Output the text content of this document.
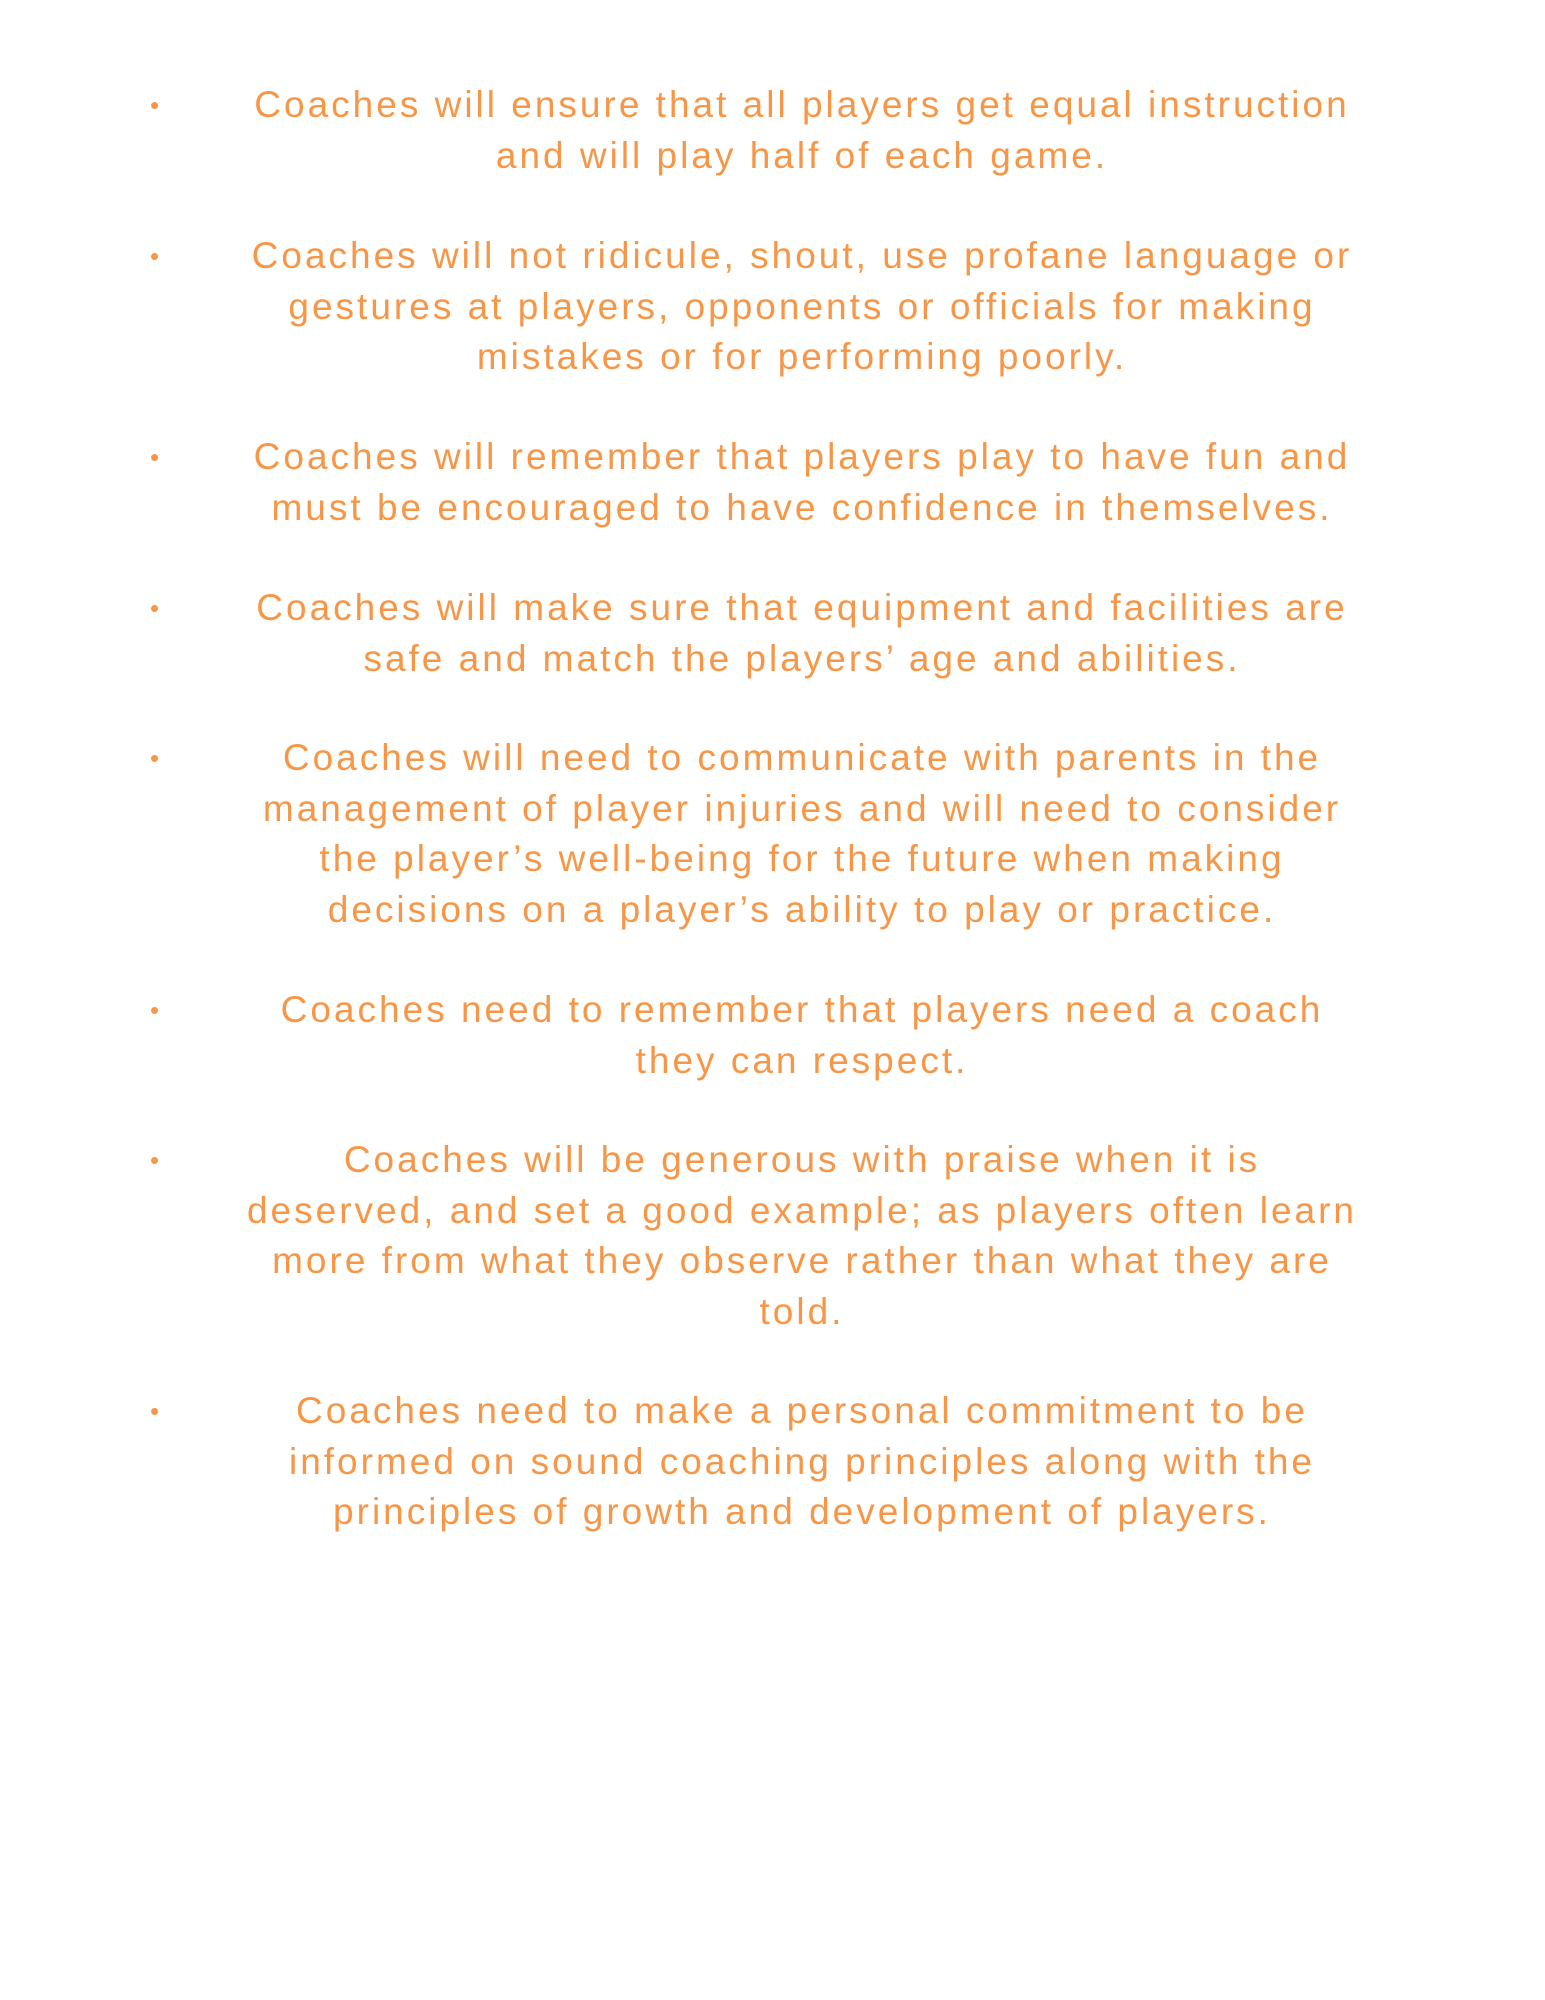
•	Coaches will ensure that all players get equal instruction
and will play half of each game.
•	Coaches will not ridicule, shout, use profane language or
gestures at players, opponents or officials for making
mistakes or for performing poorly.
•	Coaches will remember that players play to have fun and
must be encouraged to have confidence in themselves.
•	Coaches will make sure that equipment and facilities are
safe and match the players’ age and abilities.
•	Coaches will need to communicate with parents in the
management of player injuries and will need to consider
the player’s well-being for the future when making
decisions on a player’s ability to play or practice.
•	Coaches need to remember that players need a coach
they can respect.
•	Coaches will be generous with praise when it is
deserved, and set a good example; as players often learn
more from what they observe rather than what they are
told.
•	Coaches need to make a personal commitment to be
informed on sound coaching principles along with the
principles of growth and development of players.
